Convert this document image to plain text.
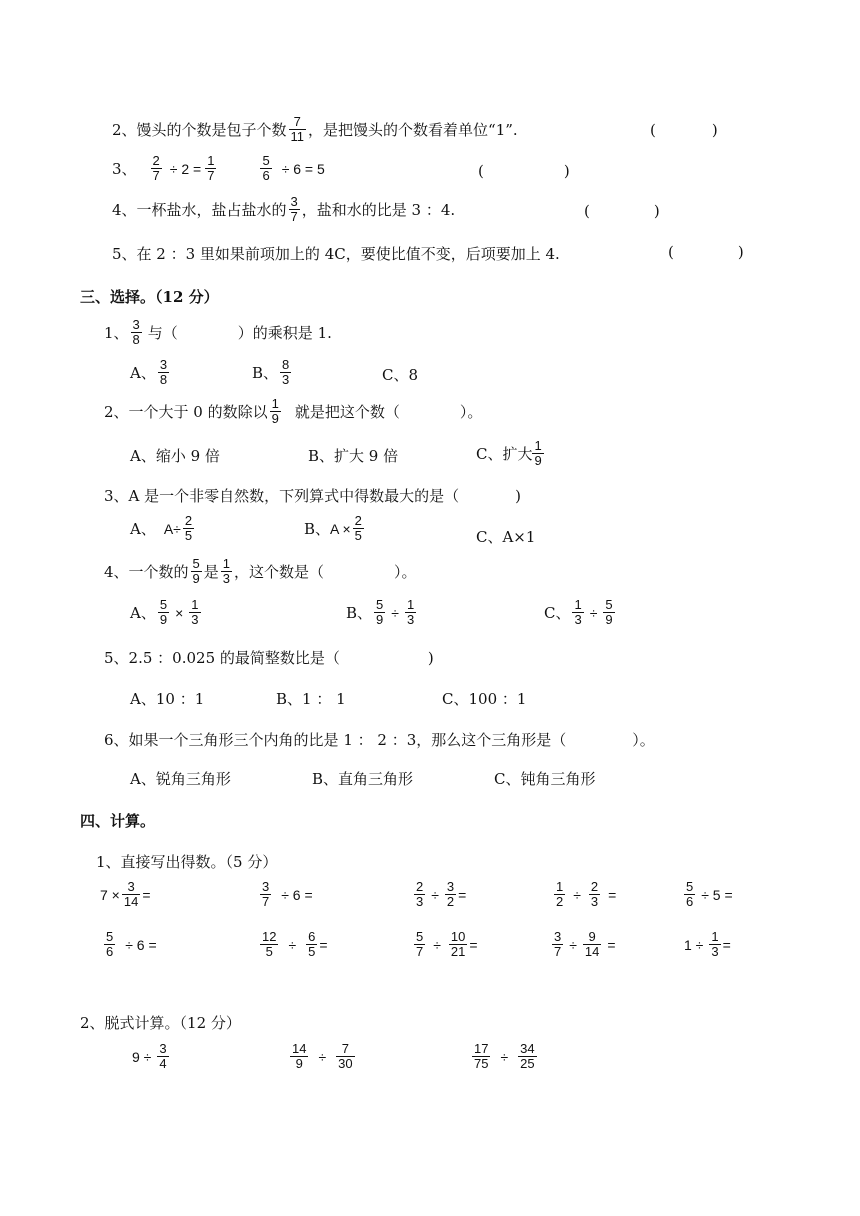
2、馒头的个数是包子个数 $\frac{7}{11}$ ，是把馒头的个数看着单位“1”.	(	)
3、 $\frac{2}{7} \div 2 = \frac{1}{7}$	$\frac{5}{6} \div 6 = 5$	(	)
4、一杯盐水，盐占盐水的 $\frac{3}{7}$ ，盐和水的比是 3 ：4.	(	)
5、在 2 ：3 里如果前项加上的 4C，要使比值不变，后项要加上 4.	(	)
三、选择。（12 分）
1、 $\frac{3}{8}$ 与（	）的乘积是 1.
A、 $\frac{3}{8}$	B、 $\frac{8}{3}$	C、8
2、一个大于 0 的数除以 $\frac{1}{9}$ 就是把这个数（	）。
A、缩小 9 倍	B、扩大 9 倍	C、扩大 $\frac{1}{9}$
3、A 是一个非零自然数，下列算式中得数最大的是（	)
A、 $A\div \frac{2}{5}$	B、 $A \times \frac{2}{5}$	C、A×1
4、一个数的 $\frac{5}{9}$ 是 $\frac{1}{3}$ ，这个数是（	）。
A、 $\frac{5}{9} \times \frac{1}{3}$	B、 $\frac{5}{9} \div \frac{1}{3}$	C、 $\frac{1}{3} \div \frac{5}{9}$
5、2.5 ：0.025 的最简整数比是（	)
A、10 ：1	B、1 ： 1	C、100 ：1
6、如果一个三角形三个内角的比是 1 ： 2 ：3，那么这个三角形是（	）。
A、锐角三角形	B、直角三角形	C、钝角三角形
四、计算。
1、直接写出得数。（5 分）
$7 \times \frac{3}{14}$ =	$\frac{3}{7} \div 6$ =	$\frac{2}{3} \div \frac{3}{2}$ =	$\frac{1}{2} \div \frac{2}{3}$ =	$\frac{5}{6} \div 5$ =
$\frac{5}{6} \div 6$ =	$\frac{12}{5} \div \frac{6}{5}$ =	$\frac{5}{7} \div \frac{10}{21}$ =	$\frac{3}{7} \div \frac{9}{14}$ =	$1 \div \frac{1}{3}$ =
2、脱式计算。（12 分）
$9 \div \frac{3}{4}$	$\frac{14}{9} \div \frac{7}{30}$	$\frac{17}{75} \div \frac{34}{25}$
